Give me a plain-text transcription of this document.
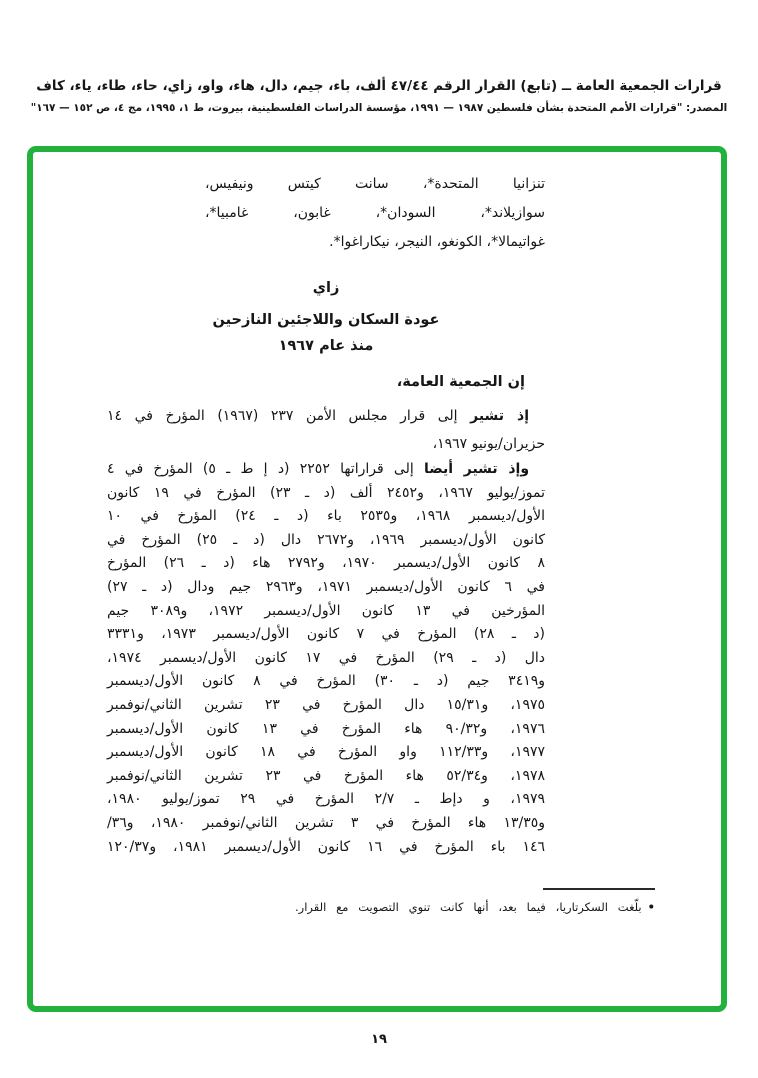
قرارات الجمعية العامة ــ (تابع) القرار الرقم ٤٧/٤٤ ألف، باء، جيم، دال، هاء، واو، زاي، حاء، طاء، ياء، كاف
المصدر: "قرارات الأمم المتحدة بشأن فلسطين ١٩٨٧ — ١٩٩١، مؤسسة الدراسات الفلسطينية، بيروت، ط ١، ١٩٩٥، مج ٤، ص ١٥٢ — ١٦٧"
تنزانيا المتحدة*، سانت كيتس ونيفيس،
سوازيلاند*، السودان*، غابون، غامبيا*،
غواتيمالا*، الكونغو، النيجر، نيكاراغوا*.
زاي
عودة السكان واللاجئين النازحين
منذ عام ١٩٦٧
إن الجمعية العامة،
إذ تشير إلى قرار مجلس الأمن ٢٣٧ (١٩٦٧) المؤرخ في ١٤
حزيران/يونيو ١٩٦٧،
وإذ تشير أيضا إلى قراراتها ٢٢٥٢ (د إ ط ـ ٥) المؤرخ في ٤
تموز/يوليو ١٩٦٧، و٢٤٥٢ ألف (د ـ ٢٣) المؤرخ في ١٩ كانون
الأول/ديسمبر ١٩٦٨، و٢٥٣٥ باء (د ـ ٢٤) المؤرخ في ١٠
كانون الأول/ديسمبر ١٩٦٩، و٢٦٧٢ دال (د ـ ٢٥) المؤرخ في
٨ كانون الأول/ديسمبر ١٩٧٠، و٢٧٩٢ هاء (د ـ ٢٦) المؤرخ
في ٦ كانون الأول/ديسمبر ١٩٧١، و٢٩٦٣ جيم ودال (د ـ ٢٧)
المؤرخين في ١٣ كانون الأول/ديسمبر ١٩٧٢، و٣٠٨٩ جيم
(د ـ ٢٨) المؤرخ في ٧ كانون الأول/ديسمبر ١٩٧٣، و٣٣٣١
دال (د ـ ٢٩) المؤرخ في ١٧ كانون الأول/ديسمبر ١٩٧٤،
و٣٤١٩ جيم (د ـ ٣٠) المؤرخ في ٨ كانون الأول/ديسمبر
١٩٧٥، و١٥/٣١ دال المؤرخ في ٢٣ تشرين الثاني/نوفمبر
١٩٧٦، و٩٠/٣٢ هاء المؤرخ في ١٣ كانون الأول/ديسمبر
١٩٧٧، و١١٢/٣٣ واو المؤرخ في ١٨ كانون الأول/ديسمبر
١٩٧٨، و٥٢/٣٤ هاء المؤرخ في ٢٣ تشرين الثاني/نوفمبر
١٩٧٩، و دإط ـ ٢/٧ المؤرخ في ٢٩ تموز/يوليو ١٩٨٠،
و١٣/٣٥ هاء المؤرخ في ٣ تشرين الثاني/نوفمبر ١٩٨٠، و٣٦/
١٤٦ باء المؤرخ في ١٦ كانون الأول/ديسمبر ١٩٨١، و١٢٠/٣٧
•بلّغت السكرتاريا، فيما بعد، أنها كانت تنوي التصويت مع القرار.
١٩
